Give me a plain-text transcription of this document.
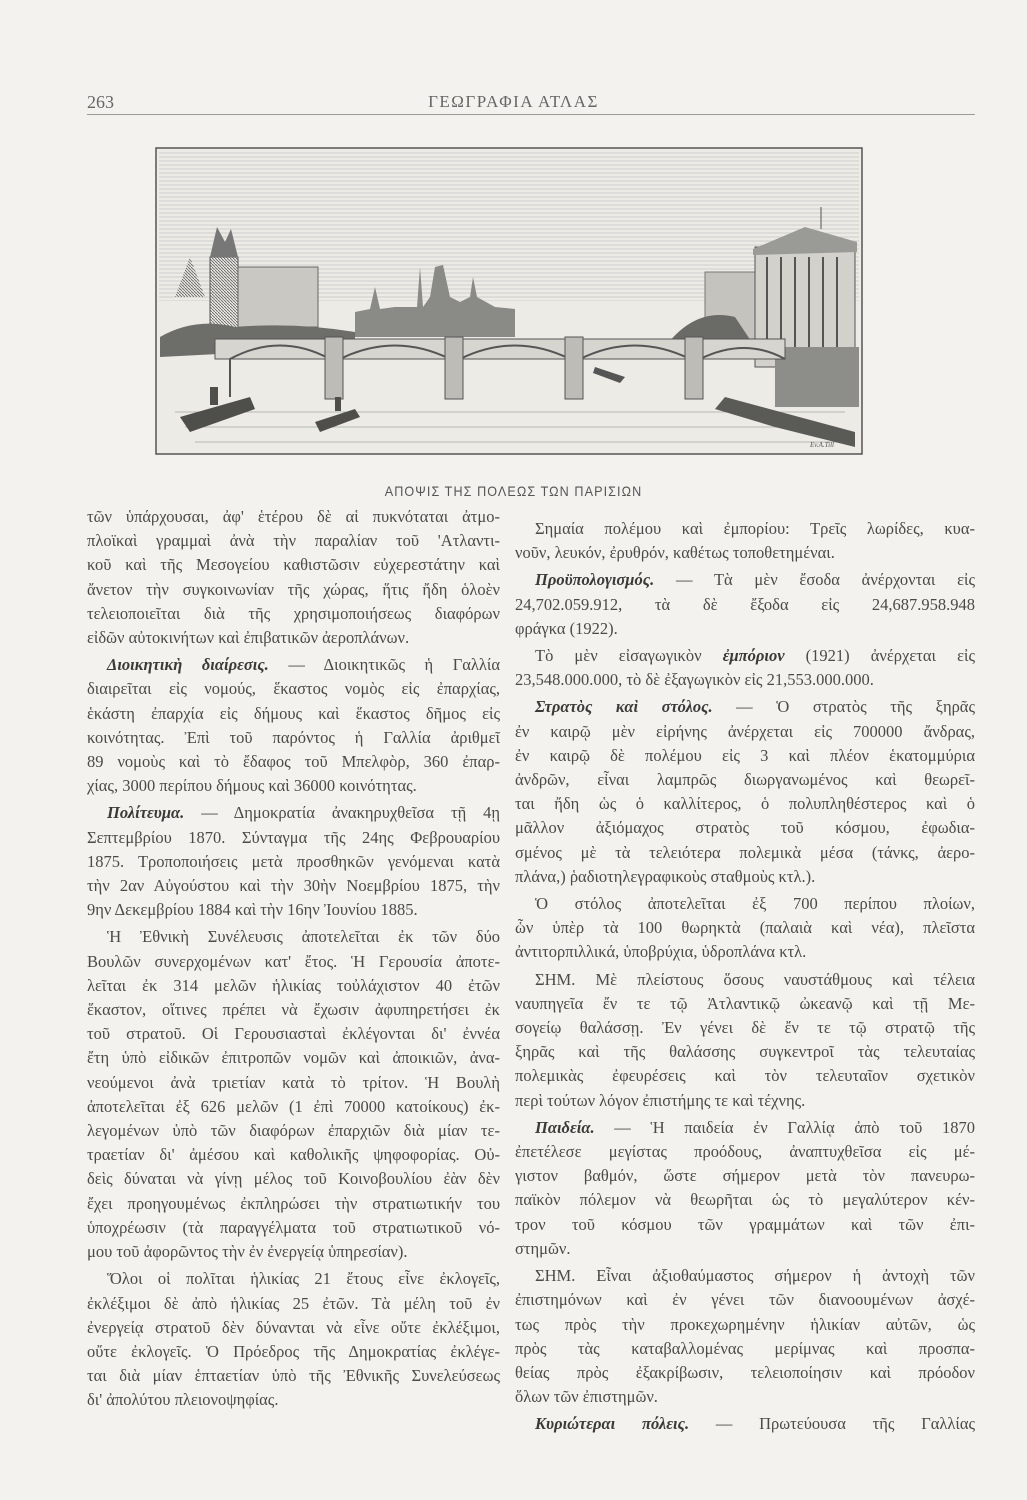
263	ΓΕΩΓΡΑΦΙΑ ΑΤΛΑΣ
Ev.A.Till
ΑΠΟΨΙΣ ΤΗΣ ΠΟΛΕΩΣ ΤΩΝ ΠΑΡΙΣΙΩΝ
τῶν ὑπάρχουσαι, ἀφ' ἑτέρου δὲ αἱ πυκνόταται ἀτμο-
πλοϊκαὶ γραμμαὶ ἀνὰ τὴν παραλίαν τοῦ 'Ατλαντι-
κοῦ καὶ τῆς Μεσογείου καθιστῶσιν εὐχερεστάτην καὶ
ἄνετον τὴν συγκοινωνίαν τῆς χώρας, ἥτις ἤδη ὁλοὲν
τελειοποιεῖται διὰ τῆς χρησιμοποιήσεως διαφόρων
εἰδῶν αὐτοκινήτων καὶ ἐπιβατικῶν ἀεροπλάνων.
Διοικητικὴ διαίρεσις. — Διοικητικῶς ἡ Γαλλία
διαιρεῖται εἰς νομούς, ἕκαστος νομὸς εἰς ἐπαρχίας,
ἑκάστη ἐπαρχία εἰς δήμους καὶ ἕκαστος δῆμος εἰς
κοινότητας. Ἐπὶ τοῦ παρόντος ἡ Γαλλία ἀριθμεῖ
89 νομοὺς καὶ τὸ ἔδαφος τοῦ Μπελφὸρ, 360 ἐπαρ-
χίας, 3000 περίπου δήμους καὶ 36000 κοινότητας.
Πολίτευμα. — Δημοκρατία ἀνακηρυχθεῖσα τῇ 4ῃ
Σεπτεμβρίου 1870. Σύνταγμα τῆς 24ης Φεβρουαρίου
1875. Τροποποιήσεις μετὰ προσθηκῶν γενόμεναι κατὰ
τὴν 2αν Αὐγούστου καὶ τὴν 30ὴν Νοεμβρίου 1875, τὴν
9ην Δεκεμβρίου 1884 καὶ τὴν 16ην Ἰουνίου 1885.
Ἡ Ἐθνικὴ Συνέλευσις ἀποτελεῖται ἐκ τῶν δύο
Βουλῶν συνερχομένων κατ' ἔτος. Ἡ Γερουσία ἀποτε-
λεῖται ἐκ 314 μελῶν ἡλικίας τοὐλάχιστον 40 ἐτῶν
ἕκαστον, οἵτινες πρέπει νὰ ἔχωσιν ἀφυπηρετήσει ἐκ
τοῦ στρατοῦ. Οἱ Γερουσιασταὶ ἐκλέγονται δι' ἐννέα
ἔτη ὑπὸ εἰδικῶν ἐπιτροπῶν νομῶν καὶ ἀποικιῶν, ἀνα-
νεούμενοι ἀνὰ τριετίαν κατὰ τὸ τρίτον. Ἡ Βουλὴ
ἀποτελεῖται ἐξ 626 μελῶν (1 ἐπὶ 70000 κατοίκους) ἐκ-
λεγομένων ὑπὸ τῶν διαφόρων ἐπαρχιῶν διὰ μίαν τε-
τραετίαν δι' ἀμέσου καὶ καθολικῆς ψηφοφορίας. Οὐ-
δεὶς δύναται νὰ γίνῃ μέλος τοῦ Κοινοβουλίου ἐὰν δὲν
ἔχει προηγουμένως ἐκπληρώσει τὴν στρατιωτικήν του
ὑποχρέωσιν (τὰ παραγγέλματα τοῦ στρατιωτικοῦ νό-
μου τοῦ ἀφορῶντος τὴν ἐν ἐνεργείᾳ ὑπηρεσίαν).
Ὅλοι οἱ πολῖται ἡλικίας 21 ἔτους εἶνε ἐκλογεῖς,
ἐκλέξιμοι δὲ ἀπὸ ἡλικίας 25 ἐτῶν. Τὰ μέλη τοῦ ἐν
ἐνεργείᾳ στρατοῦ δὲν δύνανται νὰ εἶνε οὔτε ἐκλέξιμοι,
οὔτε ἐκλογεῖς. Ὁ Πρόεδρος τῆς Δημοκρατίας ἐκλέγε-
ται διὰ μίαν ἑπταετίαν ὑπὸ τῆς Ἐθνικῆς Συνελεύσεως
δι' ἀπολύτου πλειονοψηφίας.
Σημαία πολέμου καὶ ἐμπορίου: Τρεῖς λωρίδες, κυα-
νοῦν, λευκόν, ἐρυθρόν, καθέτως τοποθετημέναι.
Προϋπολογισμός. — Τὰ μὲν ἔσοδα ἀνέρχονται εἰς
24,702.059.912, τὰ δὲ ἔξοδα εἰς 24,687.958.948
φράγκα (1922).
Τὸ μὲν εἰσαγωγικὸν ἐμπόριον (1921) ἀνέρχεται εἰς
23,548.000.000, τὸ δὲ ἐξαγωγικὸν εἰς 21,553.000.000.
Στρατὸς καὶ στόλος. — Ὁ στρατὸς τῆς ξηρᾶς
ἐν καιρῷ μὲν εἰρήνης ἀνέρχεται εἰς 700000 ἄνδρας,
ἐν καιρῷ δὲ πολέμου εἰς 3 καὶ πλέον ἑκατομμύρια
ἀνδρῶν, εἶναι λαμπρῶς διωργανωμένος καὶ θεωρεῖ-
ται ἤδη ὡς ὁ καλλίτερος, ὁ πολυπληθέστερος καὶ ὁ
μᾶλλον ἀξιόμαχος στρατὸς τοῦ κόσμου, ἐφωδια-
σμένος μὲ τὰ τελειότερα πολεμικὰ μέσα (τάνκς, ἀερο-
πλάνα,) ῥαδιοτηλεγραφικοὺς σταθμοὺς κτλ.).
Ὁ στόλος ἀποτελεῖται ἐξ 700 περίπου πλοίων,
ὧν ὑπὲρ τὰ 100 θωρηκτὰ (παλαιὰ καὶ νέα), πλεῖστα
ἀντιτορπιλλικά, ὑποβρύχια, ὑδροπλάνα κτλ.
ΣΗΜ. Μὲ πλείστους ὅσους ναυστάθμους καὶ τέλεια
ναυπηγεῖα ἔν τε τῷ Ἀτλαντικῷ ὠκεανῷ καὶ τῇ Με-
σογείῳ θαλάσσῃ. Ἐν γένει δὲ ἔν τε τῷ στρατῷ τῆς
ξηρᾶς καὶ τῆς θαλάσσης συγκεντροῖ τὰς τελευταίας
πολεμικὰς ἐφευρέσεις καὶ τὸν τελευταῖον σχετικὸν
περὶ τούτων λόγον ἐπιστήμης τε καὶ τέχνης.
Παιδεία. — Ἡ παιδεία ἐν Γαλλίᾳ ἀπὸ τοῦ 1870
ἐπετέλεσε μεγίστας προόδους, ἀναπτυχθεῖσα εἰς μέ-
γιστον βαθμόν, ὥστε σήμερον μετὰ τὸν πανευρω-
παϊκὸν πόλεμον νὰ θεωρῆται ὡς τὸ μεγαλύτερον κέν-
τρον τοῦ κόσμου τῶν γραμμάτων καὶ τῶν ἐπι-
στημῶν.
ΣΗΜ. Εἶναι ἀξιοθαύμαστος σήμερον ἡ ἀντοχὴ τῶν
ἐπιστημόνων καὶ ἐν γένει τῶν διανοουμένων ἀσχέ-
τως πρὸς τὴν προκεχωρημένην ἡλικίαν αὐτῶν, ὡς
πρὸς τὰς καταβαλλομένας μερίμνας καὶ προσπα-
θείας πρὸς ἐξακρίβωσιν, τελειοποίησιν καὶ πρόοδον
ὅλων τῶν ἐπιστημῶν.
Κυριώτεραι πόλεις. — Πρωτεύουσα τῆς Γαλλίας
